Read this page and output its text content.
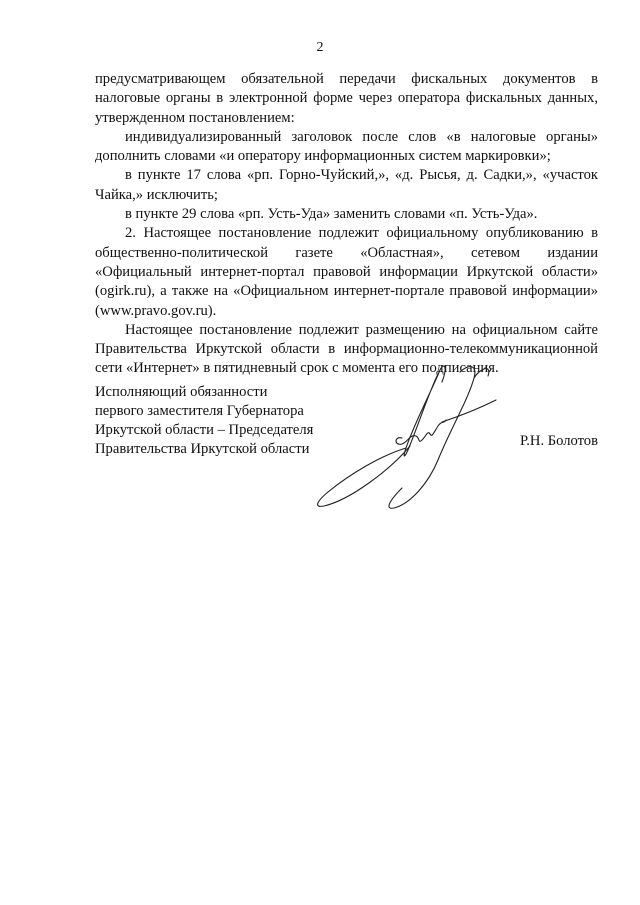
2

предусматривающем обязательной передачи фискальных документов в налоговые органы в электронной форме через оператора фискальных данных, утвержденном постановлением:

индивидуализированный заголовок после слов «в налоговые органы» дополнить словами «и оператору информационных систем маркировки»;

в пункте 17 слова «рп. Горно-Чуйский,», «д. Рысья, д. Садки,», «участок Чайка,» исключить;

в пункте 29 слова «рп. Усть-Уда» заменить словами «п. Усть-Уда».

2. Настоящее постановление подлежит официальному опубликованию в общественно-политической газете «Областная», сетевом издании «Официальный интернет-портал правовой информации Иркутской области» (ogirk.ru), а также на «Официальном интернет-портале правовой информации» (www.pravo.gov.ru).

Настоящее постановление подлежит размещению на официальном сайте Правительства Иркутской области в информационно-телекоммуникационной сети «Интернет» в пятидневный срок с момента его подписания.

Исполняющий обязанности
первого заместителя Губернатора
Иркутской области – Председателя
Правительства Иркутской области	Р.Н. Болотов
